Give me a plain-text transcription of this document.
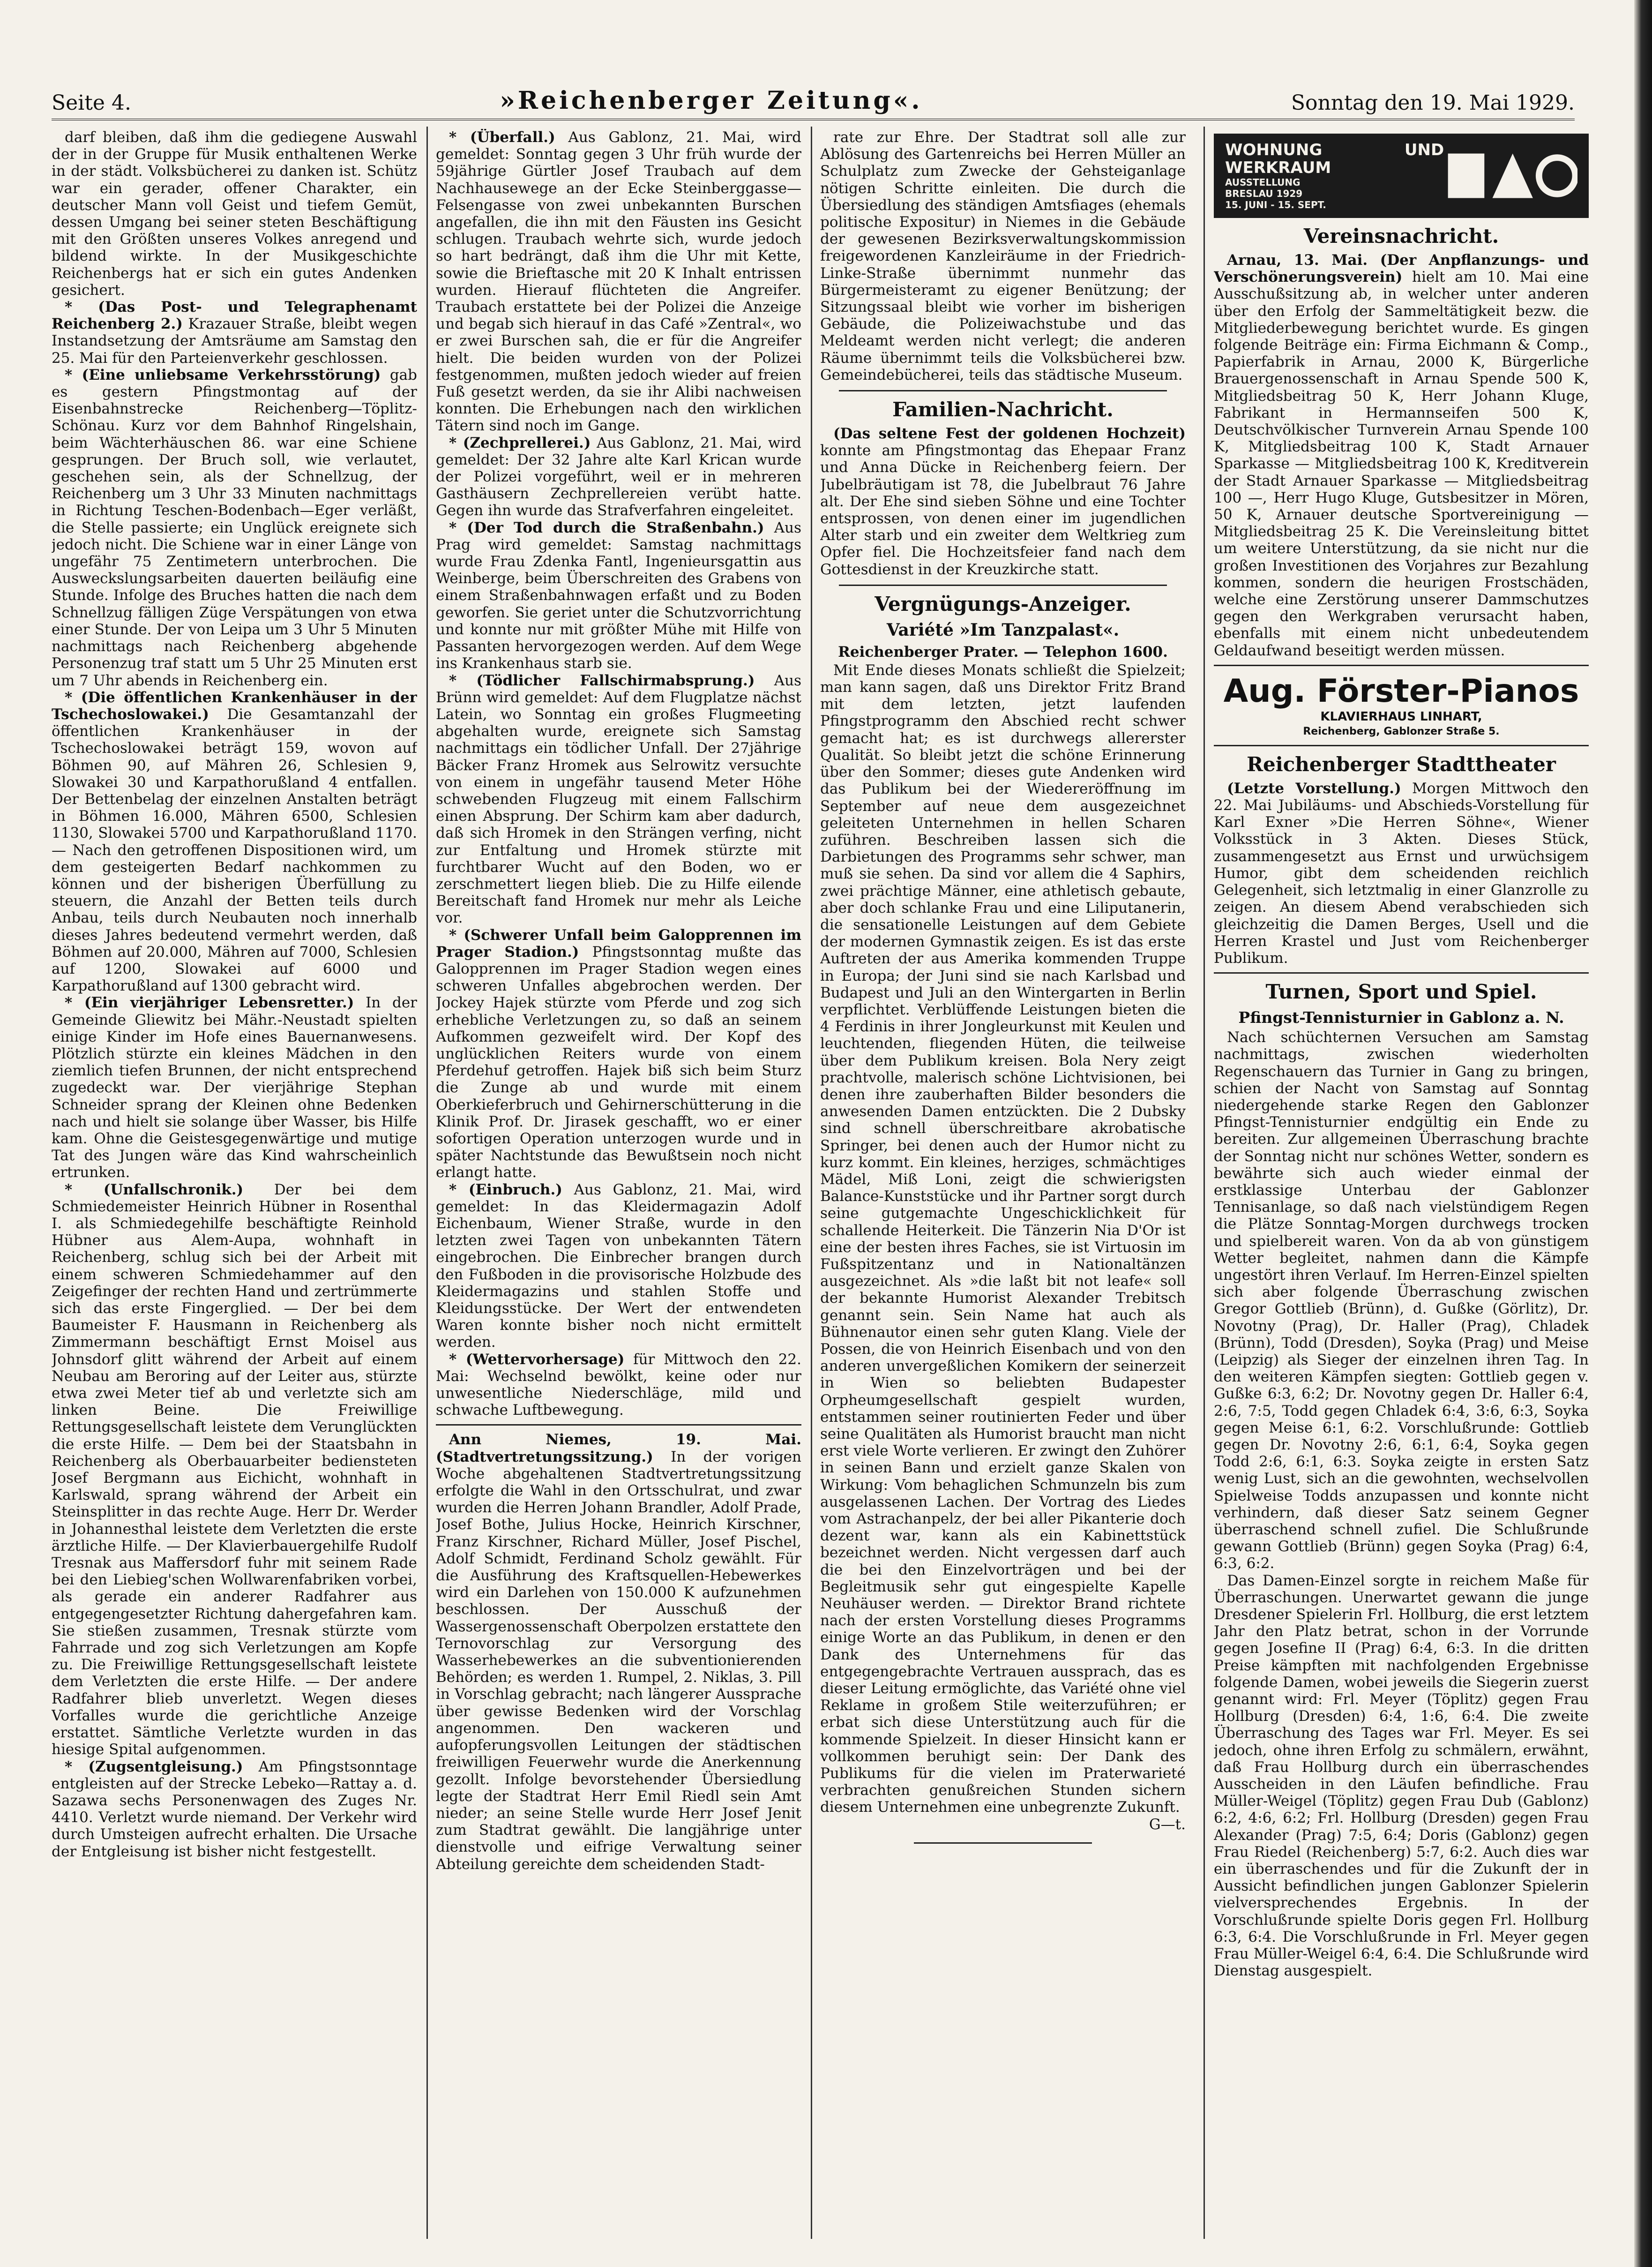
Seite 4.	»Reichenberger Zeitung«.	Sonntag den 19. Mai 1929.

darf bleiben, daß ihm die gediegene Auswahl der in der Gruppe für Musik enthaltenen Werke in der städt. Volksbücherei zu danken ist. Schütz war ein gerader, offener Charakter, ein deutscher Mann voll Geist und tiefem Gemüt, dessen Umgang bei seiner steten Beschäftigung mit den Größten unseres Volkes anregend und bildend wirkte. In der Musikgeschichte Reichenbergs hat er sich ein gutes Andenken gesichert.

* (Das Post- und Telegraphenamt Reichenberg 2.) Krazauer Straße, bleibt wegen Instandsetzung der Amtsräume am Samstag den 25. Mai für den Parteienverkehr geschlossen.

* (Eine unliebsame Verkehrsstörung) gab es gestern Pfingstmontag auf der Eisenbahnstrecke Reichenberg—Töplitz-Schönau. Kurz vor dem Bahnhof Ringelshain, beim Wächterhäuschen 86. war eine Schiene gesprungen. Der Bruch soll, wie verlautet, geschehen sein, als der Schnellzug, der Reichenberg um 3 Uhr 33 Minuten nachmittags in Richtung Teschen-Bodenbach—Eger verläßt, die Stelle passierte; ein Unglück ereignete sich jedoch nicht. Die Schiene war in einer Länge von ungefähr 75 Zentimetern unterbrochen. Die Ausweckslungsarbeiten dauerten beiläufig eine Stunde. Infolge des Bruches hatten die nach dem Schnellzug fälligen Züge Verspätungen von etwa einer Stunde. Der von Leipa um 3 Uhr 5 Minuten nachmittags nach Reichenberg abgehende Personenzug traf statt um 5 Uhr 25 Minuten erst um 7 Uhr abends in Reichenberg ein.

* (Die öffentlichen Krankenhäuser in der Tschechoslowakei.) Die Gesamtanzahl der öffentlichen Krankenhäuser in der Tschechoslowakei beträgt 159, wovon auf Böhmen 90, auf Mähren 26, Schlesien 9, Slowakei 30 und Karpathorußland 4 entfallen. Der Bettenbelag der einzelnen Anstalten beträgt in Böhmen 16.000, Mähren 6500, Schlesien 1130, Slowakei 5700 und Karpathorußland 1170. — Nach den getroffenen Dispositionen wird, um dem gesteigerten Bedarf nachkommen zu können und der bisherigen Überfüllung zu steuern, die Anzahl der Betten teils durch Anbau, teils durch Neubauten noch innerhalb dieses Jahres bedeutend vermehrt werden, daß Böhmen auf 20.000, Mähren auf 7000, Schlesien auf 1200, Slowakei auf 6000 und Karpathorußland auf 1300 gebracht wird.

* (Ein vierjähriger Lebensretter.) In der Gemeinde Gliewitz bei Mähr.-Neustadt spielten einige Kinder im Hofe eines Bauernanwesens. Plötzlich stürzte ein kleines Mädchen in den ziemlich tiefen Brunnen, der nicht entsprechend zugedeckt war. Der vierjährige Stephan Schneider sprang der Kleinen ohne Bedenken nach und hielt sie solange über Wasser, bis Hilfe kam. Ohne die Geistesgegenwärtige und mutige Tat des Jungen wäre das Kind wahrscheinlich ertrunken.

* (Unfallschronik.) Der bei dem Schmiedemeister Heinrich Hübner in Rosenthal I. als Schmiedegehilfe beschäftigte Reinhold Hübner aus Alem-Aupa, wohnhaft in Reichenberg, schlug sich bei der Arbeit mit einem schweren Schmiedehammer auf den Zeigefinger der rechten Hand und zertrümmerte sich das erste Fingerglied. — Der bei dem Baumeister F. Hausmann in Reichenberg als Zimmermann beschäftigt Ernst Moisel aus Johnsdorf glitt während der Arbeit auf einem Neubau am Beroring auf der Leiter aus, stürzte etwa zwei Meter tief ab und verletzte sich am linken Beine. Die Freiwillige Rettungsgesellschaft leistete dem Verunglückten die erste Hilfe. — Dem bei der Staatsbahn in Reichenberg als Oberbauarbeiter bediensteten Josef Bergmann aus Eichicht, wohnhaft in Karlswald, sprang während der Arbeit ein Steinsplitter in das rechte Auge. Herr Dr. Werder in Johannesthal leistete dem Verletzten die erste ärztliche Hilfe. — Der Klavierbauergehilfe Rudolf Tresnak aus Maffersdorf fuhr mit seinem Rade bei den Liebieg'schen Wollwarenfabriken vorbei, als gerade ein anderer Radfahrer aus entgegengesetzter Richtung dahergefahren kam. Sie stießen zusammen, Tresnak stürzte vom Fahrrade und zog sich Verletzungen am Kopfe zu. Die Freiwillige Rettungsgesellschaft leistete dem Verletzten die erste Hilfe. — Der andere Radfahrer blieb unverletzt. Wegen dieses Vorfalles wurde die gerichtliche Anzeige erstattet. Sämtliche Verletzte wurden in das hiesige Spital aufgenommen.

* (Zugsentgleisung.) Am Pfingstsonntage entgleisten auf der Strecke Lebeko—Rattay a. d. Sazawa sechs Personenwagen des Zuges Nr. 4410. Verletzt wurde niemand. Der Verkehr wird durch Umsteigen aufrecht erhalten. Die Ursache der Entgleisung ist bisher nicht festgestellt.

* (Überfall.) Aus Gablonz, 21. Mai, wird gemeldet: Sonntag gegen 3 Uhr früh wurde der 59jährige Gürtler Josef Traubach auf dem Nachhausewege an der Ecke Steinberggasse—Felsengasse von zwei unbekannten Burschen angefallen, die ihn mit den Fäusten ins Gesicht schlugen. Traubach wehrte sich, wurde jedoch so hart bedrängt, daß ihm die Uhr mit Kette, sowie die Brieftasche mit 20 K Inhalt entrissen wurden. Hierauf flüchteten die Angreifer. Traubach erstattete bei der Polizei die Anzeige und begab sich hierauf in das Café »Zentral«, wo er zwei Burschen sah, die er für die Angreifer hielt. Die beiden wurden von der Polizei festgenommen, mußten jedoch wieder auf freien Fuß gesetzt werden, da sie ihr Alibi nachweisen konnten. Die Erhebungen nach den wirklichen Tätern sind noch im Gange.

* (Zechprellerei.) Aus Gablonz, 21. Mai, wird gemeldet: Der 32 Jahre alte Karl Krican wurde der Polizei vorgeführt, weil er in mehreren Gasthäusern Zechprellereien verübt hatte. Gegen ihn wurde das Strafverfahren eingeleitet.

* (Der Tod durch die Straßenbahn.) Aus Prag wird gemeldet: Samstag nachmittags wurde Frau Zdenka Fantl, Ingenieursgattin aus Weinberge, beim Überschreiten des Grabens von einem Straßenbahnwagen erfaßt und zu Boden geworfen. Sie geriet unter die Schutzvorrichtung und konnte nur mit größter Mühe mit Hilfe von Passanten hervorgezogen werden. Auf dem Wege ins Krankenhaus starb sie.

* (Tödlicher Fallschirmabsprung.) Aus Brünn wird gemeldet: Auf dem Flugplatze nächst Latein, wo Sonntag ein großes Flugmeeting abgehalten wurde, ereignete sich Samstag nachmittags ein tödlicher Unfall. Der 27jährige Bäcker Franz Hromek aus Selrowitz versuchte von einem in ungefähr tausend Meter Höhe schwebenden Flugzeug mit einem Fallschirm einen Absprung. Der Schirm kam aber dadurch, daß sich Hromek in den Strängen verfing, nicht zur Entfaltung und Hromek stürzte mit furchtbarer Wucht auf den Boden, wo er zerschmettert liegen blieb. Die zu Hilfe eilende Bereitschaft fand Hromek nur mehr als Leiche vor.

* (Schwerer Unfall beim Galopprennen im Prager Stadion.) Pfingstsonntag mußte das Galopprennen im Prager Stadion wegen eines schweren Unfalles abgebrochen werden. Der Jockey Hajek stürzte vom Pferde und zog sich erhebliche Verletzungen zu, so daß an seinem Aufkommen gezweifelt wird. Der Kopf des unglücklichen Reiters wurde von einem Pferdehuf getroffen. Hajek biß sich beim Sturz die Zunge ab und wurde mit einem Oberkieferbruch und Gehirnerschütterung in die Klinik Prof. Dr. Jirasek geschafft, wo er einer sofortigen Operation unterzogen wurde und in später Nachtstunde das Bewußtsein noch nicht erlangt hatte.

* (Einbruch.) Aus Gablonz, 21. Mai, wird gemeldet: In das Kleidermagazin Adolf Eichenbaum, Wiener Straße, wurde in den letzten zwei Tagen von unbekannten Tätern eingebrochen. Die Einbrecher brangen durch den Fußboden in die provisorische Holzbude des Kleidermagazins und stahlen Stoffe und Kleidungsstücke. Der Wert der entwendeten Waren konnte bisher noch nicht ermittelt werden.

* (Wettervorhersage) für Mittwoch den 22. Mai: Wechselnd bewölkt, keine oder nur unwesentliche Niederschläge, mild und schwache Luftbewegung.

Ann Niemes, 19. Mai. (Stadtvertretungssitzung.) In der vorigen Woche abgehaltenen Stadtvertretungssitzung erfolgte die Wahl in den Ortsschulrat, und zwar wurden die Herren Johann Brandler, Adolf Prade, Josef Bothe, Julius Hocke, Heinrich Kirschner, Franz Kirschner, Richard Müller, Josef Pischel, Adolf Schmidt, Ferdinand Scholz gewählt. Für die Ausführung des Kraftsquellen-Hebewerkes wird ein Darlehen von 150.000 K aufzunehmen beschlossen. Der Ausschuß der Wassergenossenschaft Oberpolzen erstattete den Ternovorschlag zur Versorgung des Wasserhebewerkes an die subventionierenden Behörden; es werden 1. Rumpel, 2. Niklas, 3. Pill in Vorschlag gebracht; nach längerer Aussprache über gewisse Bedenken wird der Vorschlag angenommen. Den wackeren und aufopferungsvollen Leitungen der städtischen freiwilligen Feuerwehr wurde die Anerkennung gezollt. Infolge bevorstehender Übersiedlung legte der Stadtrat Herr Emil Riedl sein Amt nieder; an seine Stelle wurde Herr Josef Jenit zum Stadtrat gewählt. Die langjährige unter dienstvolle und eifrige Verwaltung seiner Abteilung gereichte dem scheidenden Stadt-

rate zur Ehre. Der Stadtrat soll alle zur Ablösung des Gartenreichs bei Herren Müller an Schulplatz zum Zwecke der Gehsteiganlage nötigen Schritte einleiten. Die durch die Übersiedlung des ständigen Amtsfiages (ehemals politische Expositur) in Niemes in die Gebäude der gewesenen Bezirksverwaltungskommission freigewordenen Kanzleiräume in der Friedrich-Linke-Straße übernimmt nunmehr das Bürgermeisteramt zu eigener Benützung; der Sitzungssaal bleibt wie vorher im bisherigen Gebäude, die Polizeiwachstube und das Meldeamt werden nicht verlegt; die anderen Räume übernimmt teils die Volksbücherei bzw. Gemeindebücherei, teils das städtische Museum.

Familien-Nachricht.

(Das seltene Fest der goldenen Hochzeit) konnte am Pfingstmontag das Ehepaar Franz und Anna Dücke in Reichenberg feiern. Der Jubelbräutigam ist 78, die Jubelbraut 76 Jahre alt. Der Ehe sind sieben Söhne und eine Tochter entsprossen, von denen einer im jugendlichen Alter starb und ein zweiter dem Weltkrieg zum Opfer fiel. Die Hochzeitsfeier fand nach dem Gottesdienst in der Kreuzkirche statt.

Vergnügungs-Anzeiger.
Variété »Im Tanzpalast«.
Reichenberger Prater. — Telephon 1600.

Mit Ende dieses Monats schließt die Spielzeit; man kann sagen, daß uns Direktor Fritz Brand mit dem letzten, jetzt laufenden Pfingstprogramm den Abschied recht schwer gemacht hat; es ist durchwegs allererster Qualität. So bleibt jetzt die schöne Erinnerung über den Sommer; dieses gute Andenken wird das Publikum bei der Wiedereröffnung im September auf neue dem ausgezeichnet geleiteten Unternehmen in hellen Scharen zuführen. Beschreiben lassen sich die Darbietungen des Programms sehr schwer, man muß sie sehen. Da sind vor allem die 4 Saphirs, zwei prächtige Männer, eine athletisch gebaute, aber doch schlanke Frau und eine Liliputanerin, die sensationelle Leistungen auf dem Gebiete der modernen Gymnastik zeigen. Es ist das erste Auftreten der aus Amerika kommenden Truppe in Europa; der Juni sind sie nach Karlsbad und Budapest und Juli an den Wintergarten in Berlin verpflichtet. Verblüffende Leistungen bieten die 4 Ferdinis in ihrer Jongleurkunst mit Keulen und leuchtenden, fliegenden Hüten, die teilweise über dem Publikum kreisen. Bola Nery zeigt prachtvolle, malerisch schöne Lichtvisionen, bei denen ihre zauberhaften Bilder besonders die anwesenden Damen entzückten. Die 2 Dubsky sind schnell überschreitbare akrobatische Springer, bei denen auch der Humor nicht zu kurz kommt. Ein kleines, herziges, schmächtiges Mädel, Miß Loni, zeigt die schwierigsten Balance-Kunststücke und ihr Partner sorgt durch seine gutgemachte Ungeschicklichkeit für schallende Heiterkeit. Die Tänzerin Nia D'Or ist eine der besten ihres Faches, sie ist Virtuosin im Fußspitzentanz und in Nationaltänzen ausgezeichnet. Als »die laßt bit not leafe« soll der bekannte Humorist Alexander Trebitsch genannt sein. Sein Name hat auch als Bühnenautor einen sehr guten Klang. Viele der Possen, die von Heinrich Eisenbach und von den anderen unvergeßlichen Komikern der seinerzeit in Wien so beliebten Budapester Orpheumgesellschaft gespielt wurden, entstammen seiner routinierten Feder und über seine Qualitäten als Humorist braucht man nicht erst viele Worte verlieren. Er zwingt den Zuhörer in seinen Bann und erzielt ganze Skalen von Wirkung: Vom behaglichen Schmunzeln bis zum ausgelassenen Lachen. Der Vortrag des Liedes vom Astrachanpelz, der bei aller Pikanterie doch dezent war, kann als ein Kabinettstück bezeichnet werden. Nicht vergessen darf auch die bei den Einzelvorträgen und bei der Begleitmusik sehr gut eingespielte Kapelle Neuhäuser werden. — Direktor Brand richtete nach der ersten Vorstellung dieses Programms einige Worte an das Publikum, in denen er den Dank des Unternehmens für das entgegengebrachte Vertrauen aussprach, das es dieser Leitung ermöglichte, das Variété ohne viel Reklame in großem Stile weiterzuführen; er erbat sich diese Unterstützung auch für die kommende Spielzeit. In dieser Hinsicht kann er vollkommen beruhigt sein: Der Dank des Publikums für die vielen im Praterwarieté verbrachten genußreichen Stunden sichern diesem Unternehmen eine unbegrenzte Zukunft.

G—t.
WOHNUNG UND WERKRAUM
AUSSTELLUNG
BRESLAU 1929
15. JUNI - 15. SEPT.
Vereinsnachricht.

Arnau, 13. Mai. (Der Anpflanzungs- und Verschönerungsverein) hielt am 10. Mai eine Ausschußsitzung ab, in welcher unter anderen über den Erfolg der Sammeltätigkeit bezw. die Mitgliederbewegung berichtet wurde. Es gingen folgende Beiträge ein: Firma Eichmann & Comp., Papierfabrik in Arnau, 2000 K, Bürgerliche Brauergenossenschaft in Arnau Spende 500 K, Mitgliedsbeitrag 50 K, Herr Johann Kluge, Fabrikant in Hermannseifen 500 K, Deutschvölkischer Turnverein Arnau Spende 100 K, Mitgliedsbeitrag 100 K, Stadt Arnauer Sparkasse — Mitgliedsbeitrag 100 K, Kreditverein der Stadt Arnauer Sparkasse — Mitgliedsbeitrag 100 —, Herr Hugo Kluge, Gutsbesitzer in Mören, 50 K, Arnauer deutsche Sportvereinigung — Mitgliedsbeitrag 25 K. Die Vereinsleitung bittet um weitere Unterstützung, da sie nicht nur die großen Investitionen des Vorjahres zur Bezahlung kommen, sondern die heurigen Frostschäden, welche eine Zerstörung unserer Dammschutzes gegen den Werkgraben verursacht haben, ebenfalls mit einem nicht unbedeutendem Geldaufwand beseitigt werden müssen.

Aug. Förster-Pianos
KLAVIERHAUS LINHART,
Reichenberg, Gablonzer Straße 5.
Reichenberger Stadttheater

(Letzte Vorstellung.) Morgen Mittwoch den 22. Mai Jubiläums- und Abschieds-Vorstellung für Karl Exner »Die Herren Söhne«, Wiener Volksstück in 3 Akten. Dieses Stück, zusammengesetzt aus Ernst und urwüchsigem Humor, gibt dem scheidenden reichlich Gelegenheit, sich letztmalig in einer Glanzrolle zu zeigen. An diesem Abend verabschieden sich gleichzeitig die Damen Berges, Usell und die Herren Krastel und Just vom Reichenberger Publikum.

Turnen, Sport und Spiel.
Pfingst-Tennisturnier in Gablonz a. N.

Nach schüchternen Versuchen am Samstag nachmittags, zwischen wiederholten Regenschauern das Turnier in Gang zu bringen, schien der Nacht von Samstag auf Sonntag niedergehende starke Regen den Gablonzer Pfingst-Tennisturnier endgültig ein Ende zu bereiten. Zur allgemeinen Überraschung brachte der Sonntag nicht nur schönes Wetter, sondern es bewährte sich auch wieder einmal der erstklassige Unterbau der Gablonzer Tennisanlage, so daß nach vielstündigem Regen die Plätze Sonntag-Morgen durchwegs trocken und spielbereit waren. Von da ab von günstigem Wetter begleitet, nahmen dann die Kämpfe ungestört ihren Verlauf. Im Herren-Einzel spielten sich aber folgende Überraschung zwischen Gregor Gottlieb (Brünn), d. Gußke (Görlitz), Dr. Novotny (Prag), Dr. Haller (Prag), Chladek (Brünn), Todd (Dresden), Soyka (Prag) und Meise (Leipzig) als Sieger der einzelnen ihren Tag. In den weiteren Kämpfen siegten: Gottlieb gegen v. Gußke 6:3, 6:2; Dr. Novotny gegen Dr. Haller 6:4, 2:6, 7:5, Todd gegen Chladek 6:4, 3:6, 6:3, Soyka gegen Meise 6:1, 6:2. Vorschlußrunde: Gottlieb gegen Dr. Novotny 2:6, 6:1, 6:4, Soyka gegen Todd 2:6, 6:1, 6:3. Soyka zeigte in ersten Satz wenig Lust, sich an die gewohnten, wechselvollen Spielweise Todds anzupassen und konnte nicht verhindern, daß dieser Satz seinem Gegner überraschend schnell zufiel. Die Schlußrunde gewann Gottlieb (Brünn) gegen Soyka (Prag) 6:4, 6:3, 6:2.

Das Damen-Einzel sorgte in reichem Maße für Überraschungen. Unerwartet gewann die junge Dresdener Spielerin Frl. Hollburg, die erst letztem Jahr den Platz betrat, schon in der Vorrunde gegen Josefine II (Prag) 6:4, 6:3. In die dritten Preise kämpften mit nachfolgenden Ergebnisse folgende Damen, wobei jeweils die Siegerin zuerst genannt wird: Frl. Meyer (Töplitz) gegen Frau Hollburg (Dresden) 6:4, 1:6, 6:4. Die zweite Überraschung des Tages war Frl. Meyer. Es sei jedoch, ohne ihren Erfolg zu schmälern, erwähnt, daß Frau Hollburg durch ein überraschendes Ausscheiden in den Läufen befindliche. Frau Müller-Weigel (Töplitz) gegen Frau Dub (Gablonz) 6:2, 4:6, 6:2; Frl. Hollburg (Dresden) gegen Frau Alexander (Prag) 7:5, 6:4; Doris (Gablonz) gegen Frau Riedel (Reichenberg) 5:7, 6:2. Auch dies war ein überraschendes und für die Zukunft der in Aussicht befindlichen jungen Gablonzer Spielerin vielversprechendes Ergebnis. In der Vorschlußrunde spielte Doris gegen Frl. Hollburg 6:3, 6:4. Die Vorschlußrunde in Frl. Meyer gegen Frau Müller-Weigel 6:4, 6:4. Die Schlußrunde wird Dienstag ausgespielt.
